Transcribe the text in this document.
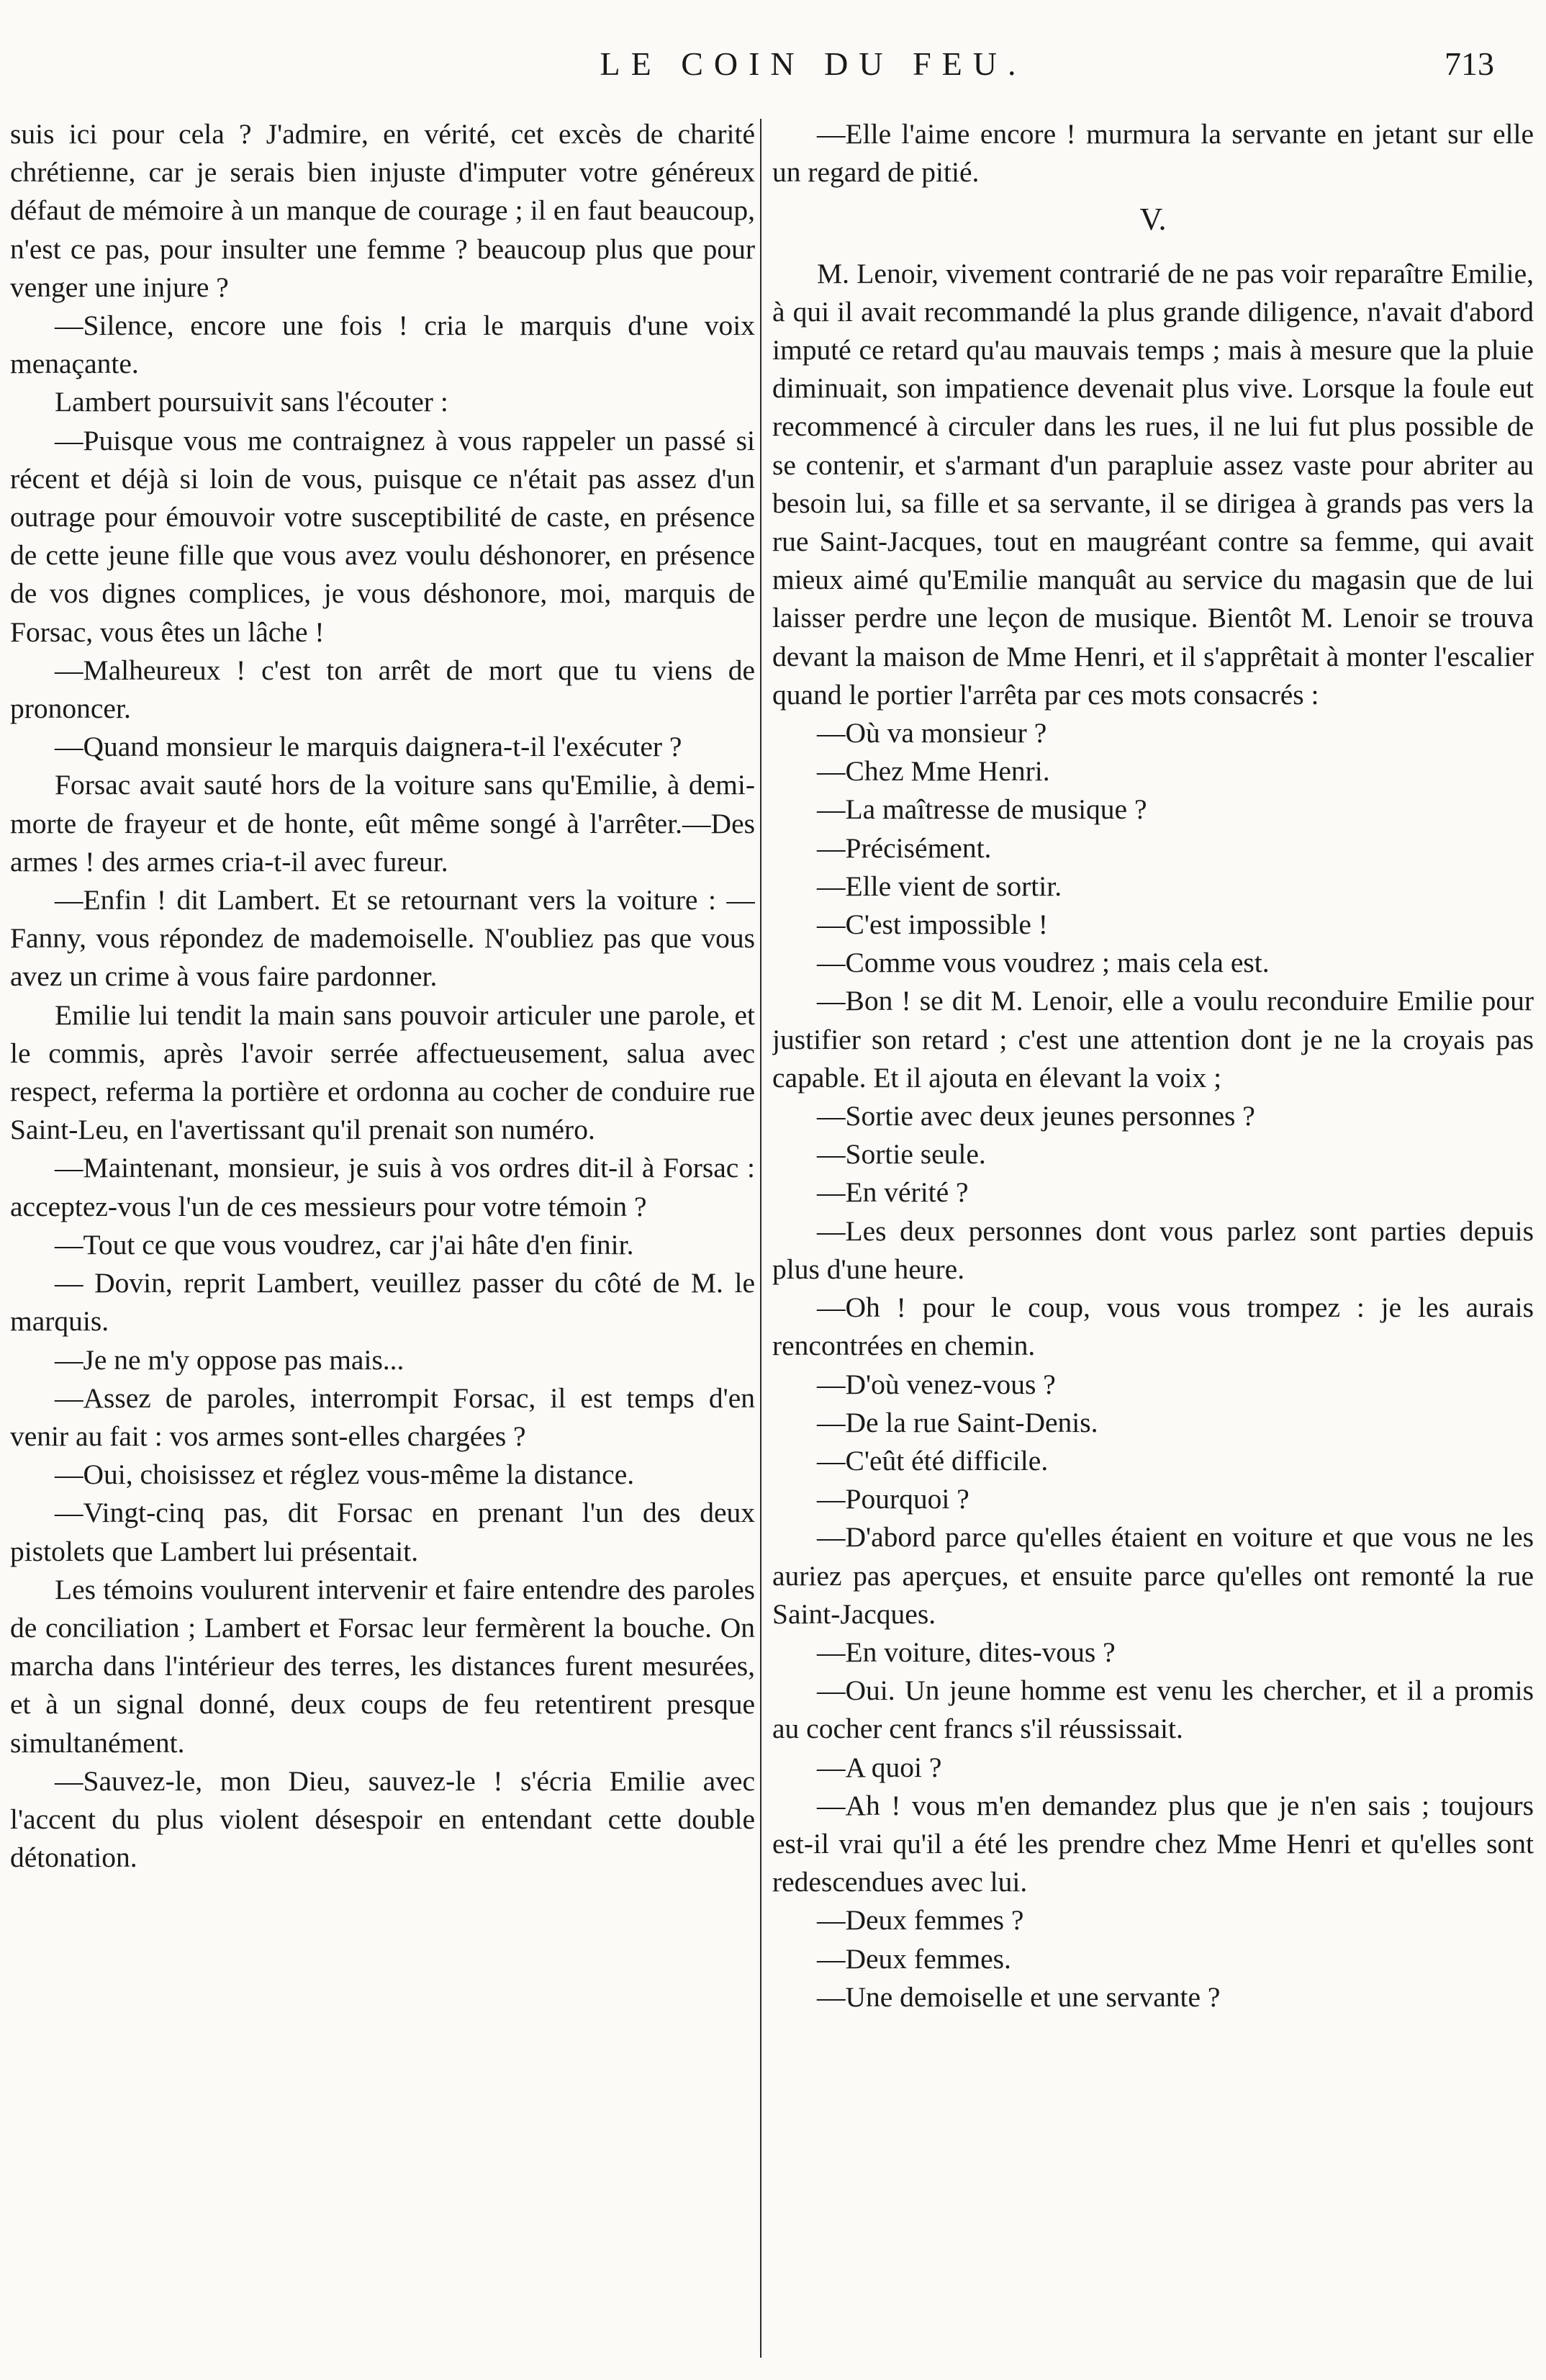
LE COIN DU FEU.	713

suis ici pour cela ? J'admire, en vérité, cet excès de charité chrétienne, car je serais bien injuste d'imputer votre généreux défaut de mémoire à un manque de courage ; il en faut beaucoup, n'est ce pas, pour insulter une femme ? beaucoup plus que pour venger une injure ?

—Silence, encore une fois ! cria le marquis d'une voix menaçante.

Lambert poursuivit sans l'écouter :

—Puisque vous me contraignez à vous rappeler un passé si récent et déjà si loin de vous, puisque ce n'était pas assez d'un outrage pour émouvoir votre susceptibilité de caste, en présence de cette jeune fille que vous avez voulu déshonorer, en présence de vos dignes complices, je vous déshonore, moi, marquis de Forsac, vous êtes un lâche !

—Malheureux ! c'est ton arrêt de mort que tu viens de prononcer.

—Quand monsieur le marquis daignera-t-il l'exécuter ?

Forsac avait sauté hors de la voiture sans qu'Emilie, à demi-morte de frayeur et de honte, eût même songé à l'arrêter.—Des armes ! des armes cria-t-il avec fureur.

—Enfin ! dit Lambert. Et se retournant vers la voiture : —Fanny, vous répondez de mademoiselle. N'oubliez pas que vous avez un crime à vous faire pardonner.

Emilie lui tendit la main sans pouvoir articuler une parole, et le commis, après l'avoir serrée affectueusement, salua avec respect, referma la portière et ordonna au cocher de conduire rue Saint-Leu, en l'avertissant qu'il prenait son numéro.

—Maintenant, monsieur, je suis à vos ordres dit-il à Forsac : acceptez-vous l'un de ces messieurs pour votre témoin ?

—Tout ce que vous voudrez, car j'ai hâte d'en finir.

— Dovin, reprit Lambert, veuillez passer du côté de M. le marquis.

—Je ne m'y oppose pas mais...

—Assez de paroles, interrompit Forsac, il est temps d'en venir au fait : vos armes sont-elles chargées ?

—Oui, choisissez et réglez vous-même la distance.

—Vingt-cinq pas, dit Forsac en prenant l'un des deux pistolets que Lambert lui présentait.

Les témoins voulurent intervenir et faire entendre des paroles de conciliation ; Lambert et Forsac leur fermèrent la bouche. On marcha dans l'intérieur des terres, les distances furent mesurées, et à un signal donné, deux coups de feu retentirent presque simultanément.

—Sauvez-le, mon Dieu, sauvez-le ! s'écria Emilie avec l'accent du plus violent désespoir en entendant cette double détonation.

—Elle l'aime encore ! murmura la servante en jetant sur elle un regard de pitié.

V.

M. Lenoir, vivement contrarié de ne pas voir reparaître Emilie, à qui il avait recommandé la plus grande diligence, n'avait d'abord imputé ce retard qu'au mauvais temps ; mais à mesure que la pluie diminuait, son impatience devenait plus vive. Lorsque la foule eut recommencé à circuler dans les rues, il ne lui fut plus possible de se contenir, et s'armant d'un parapluie assez vaste pour abriter au besoin lui, sa fille et sa servante, il se dirigea à grands pas vers la rue Saint-Jacques, tout en maugréant contre sa femme, qui avait mieux aimé qu'Emilie manquât au service du magasin que de lui laisser perdre une leçon de musique. Bientôt M. Lenoir se trouva devant la maison de Mme Henri, et il s'apprêtait à monter l'escalier quand le portier l'arrêta par ces mots consacrés :

—Où va monsieur ?

—Chez Mme Henri.

—La maîtresse de musique ?

—Précisément.

—Elle vient de sortir.

—C'est impossible !

—Comme vous voudrez ; mais cela est.

—Bon ! se dit M. Lenoir, elle a voulu reconduire Emilie pour justifier son retard ; c'est une attention dont je ne la croyais pas capable. Et il ajouta en élevant la voix ;

—Sortie avec deux jeunes personnes ?

—Sortie seule.

—En vérité ?

—Les deux personnes dont vous parlez sont parties depuis plus d'une heure.

—Oh ! pour le coup, vous vous trompez : je les aurais rencontrées en chemin.

—D'où venez-vous ?

—De la rue Saint-Denis.

—C'eût été difficile.

—Pourquoi ?

—D'abord parce qu'elles étaient en voiture et que vous ne les auriez pas aperçues, et ensuite parce qu'elles ont remonté la rue Saint-Jacques.

—En voiture, dites-vous ?

—Oui. Un jeune homme est venu les chercher, et il a promis au cocher cent francs s'il réussissait.

—A quoi ?

—Ah ! vous m'en demandez plus que je n'en sais ; toujours est-il vrai qu'il a été les prendre chez Mme Henri et qu'elles sont redescendues avec lui.

—Deux femmes ?

—Deux femmes.

—Une demoiselle et une servante ?
